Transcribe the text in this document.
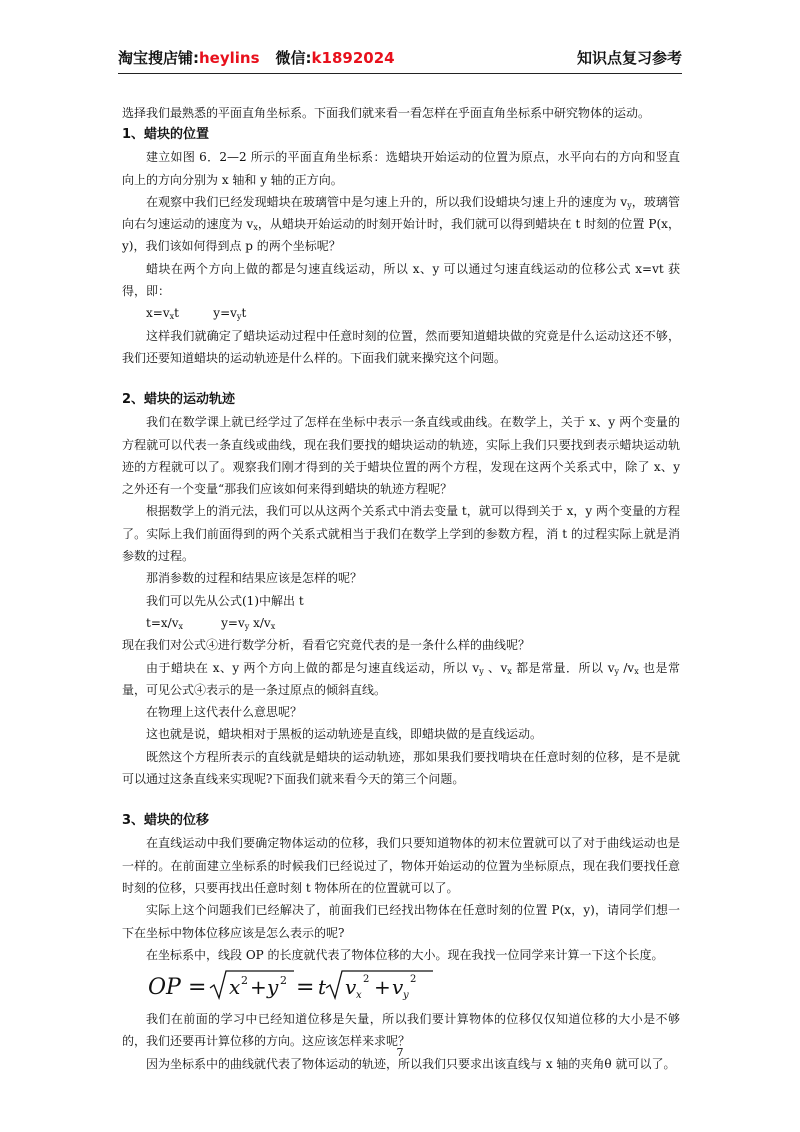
淘宝搜店铺:heylins 微信:k1892024	知识点复习参考

选择我们最熟悉的平面直角坐标系。下面我们就来看一看怎样在乎面直角坐标系中研究物体的运动。

1、蜡块的位置

建立如图 6．2—2 所示的平面直角坐标系：选蜡块开始运动的位置为原点，水平向右的方向和竖直向上的方向分别为 x 轴和 y 轴的正方向。

在观察中我们已经发现蜡块在玻璃管中是匀速上升的，所以我们设蜡块匀速上升的速度为 $v_y$，玻璃管向右匀速运动的速度为 $v_x$，从蜡块开始运动的时刻开始计时，我们就可以得到蜡块在 t 时刻的位置 P(x，y)，我们该如何得到点 p 的两个坐标呢？

蜡块在两个方向上做的都是匀速直线运动，所以 x、y 可以通过匀速直线运动的位移公式 x=vt 获得，即：

$x=v_xt$	$y=v_yt$

这样我们就确定了蜡块运动过程中任意时刻的位置，然而要知道蜡块做的究竟是什么运动这还不够，我们还要知道蜡块的运动轨迹是什么样的。下面我们就来操究这个问题。

2、蜡块的运动轨迹

我们在数学课上就已经学过了怎样在坐标中表示一条直线或曲线。在数学上，关于 x、y 两个变量的方程就可以代表一条直线或曲线，现在我们要找的蜡块运动的轨迹，实际上我们只要找到表示蜡块运动轨迹的方程就可以了。观察我们刚才得到的关于蜡块位置的两个方程，发现在这两个关系式中，除了 x、y 之外还有一个变量“那我们应该如何来得到蜡块的轨迹方程呢？

根据数学上的消元法，我们可以从这两个关系式中消去变量 t，就可以得到关于 x，y 两个变量的方程了。实际上我们前面得到的两个关系式就相当于我们在数学上学到的参数方程，消 t 的过程实际上就是消参数的过程。

那消参数的过程和结果应该是怎样的呢？

我们可以先从公式(1)中解出 t

$t=x/v_x$	$y=v_y$ $x/v_x$

现在我们对公式④进行数学分析，看看它究竟代表的是一条什么样的曲线呢？

由于蜡块在 x、y 两个方向上做的都是匀速直线运动，所以 $v_y$ 、$v_x$ 都是常量．所以 $v_y$ $/v_x$ 也是常量，可见公式④表示的是一条过原点的倾斜直线。

在物理上这代表什么意思呢？

这也就是说，蜡块相对于黑板的运动轨迹是直线，即蜡块做的是直线运动。

既然这个方程所表示的直线就是蜡块的运动轨迹，那如果我们要找啃块在任意时刻的位移，是不是就可以通过这条直线来实现呢?下面我们就来看今天的第三个问题。

3、蜡块的位移

在直线运动中我们要确定物体运动的位移，我们只要知道物体的初末位置就可以了对于曲线运动也是一样的。在前面建立坐标系的时候我们已经说过了，物体开始运动的位置为坐标原点，现在我们要找任意时刻的位移，只要再找出任意时刻 t 物体所在的位置就可以了。

实际上这个问题我们已经解决了，前面我们已经找出物体在任意时刻的位置 P(x，y)，请同学们想一下在坐标中物体位移应该是怎么表示的呢?

在坐标系中，线段 OP 的长度就代表了物体位移的大小。现在我找一位同学来计算一下这个长度。

OP = x 2 + y 2 = t v x
2 + v y
2

我们在前面的学习中已经知道位移是矢量，所以我们要计算物体的位移仅仅知道位移的大小是不够的，我们还要再计算位移的方向。这应该怎样来求呢？

因为坐标系中的曲线就代表了物体运动的轨迹，所以我们只要求出该直线与 x 轴的夹角θ 就可以了。

7
